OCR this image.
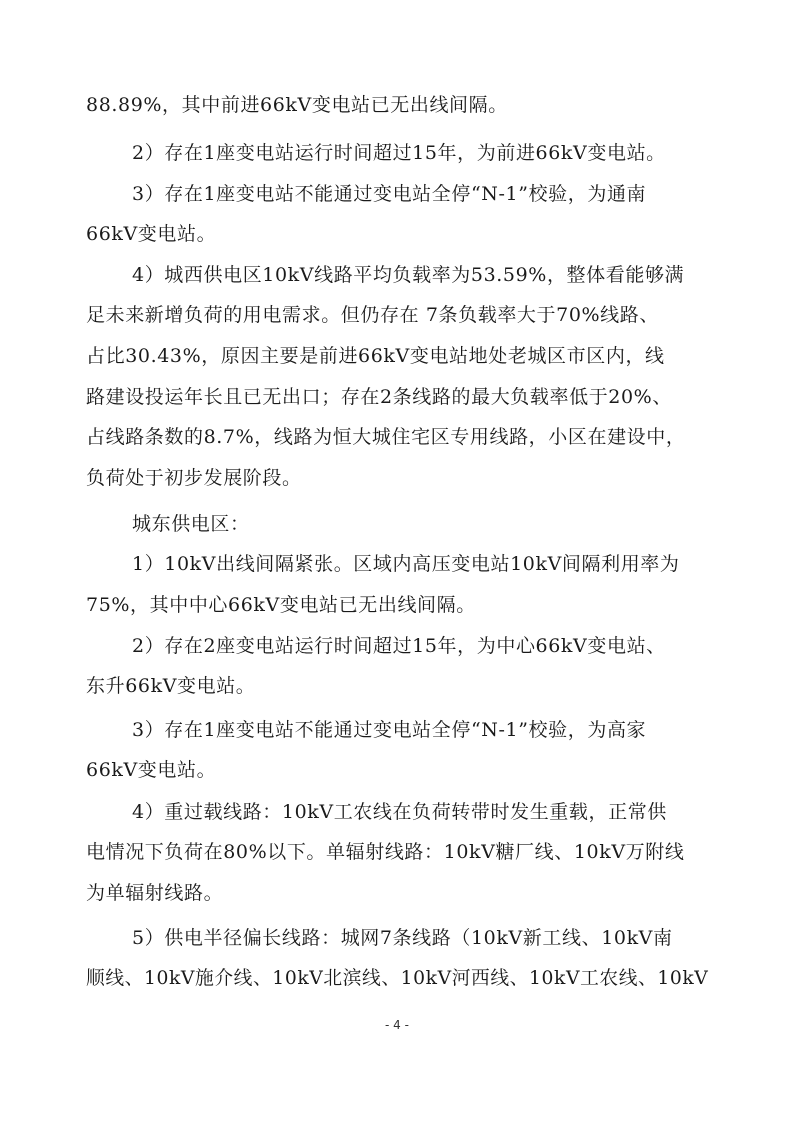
88.89%，其中前进66kV变电站已无出线间隔。
2）存在1座变电站运行时间超过15年，为前进66kV变电站。
3）存在1座变电站不能通过变电站全停“N-1”校验，为通南
66kV变电站。
4）城西供电区10kV线路平均负载率为53.59%，整体看能够满
足未来新增负荷的用电需求。但仍存在 7条负载率大于70%线路、
占比30.43%，原因主要是前进66kV变电站地处老城区市区内，线
路建设投运年长且已无出口；存在2条线路的最大负载率低于20%、
占线路条数的8.7%，线路为恒大城住宅区专用线路，小区在建设中，
负荷处于初步发展阶段。
城东供电区：
1）10kV出线间隔紧张。区域内高压变电站10kV间隔利用率为
75%，其中中心66kV变电站已无出线间隔。
2）存在2座变电站运行时间超过15年，为中心66kV变电站、
东升66kV变电站。
3）存在1座变电站不能通过变电站全停“N-1”校验，为高家
66kV变电站。
4）重过载线路：10kV工农线在负荷转带时发生重载，正常供
电情况下负荷在80%以下。单辐射线路：10kV糖厂线、10kV万附线
为单辐射线路。
5）供电半径偏长线路：城网7条线路（10kV新工线、10kV南
顺线、10kV施介线、10kV北滨线、10kV河西线、10kV工农线、10kV
- 4 -
